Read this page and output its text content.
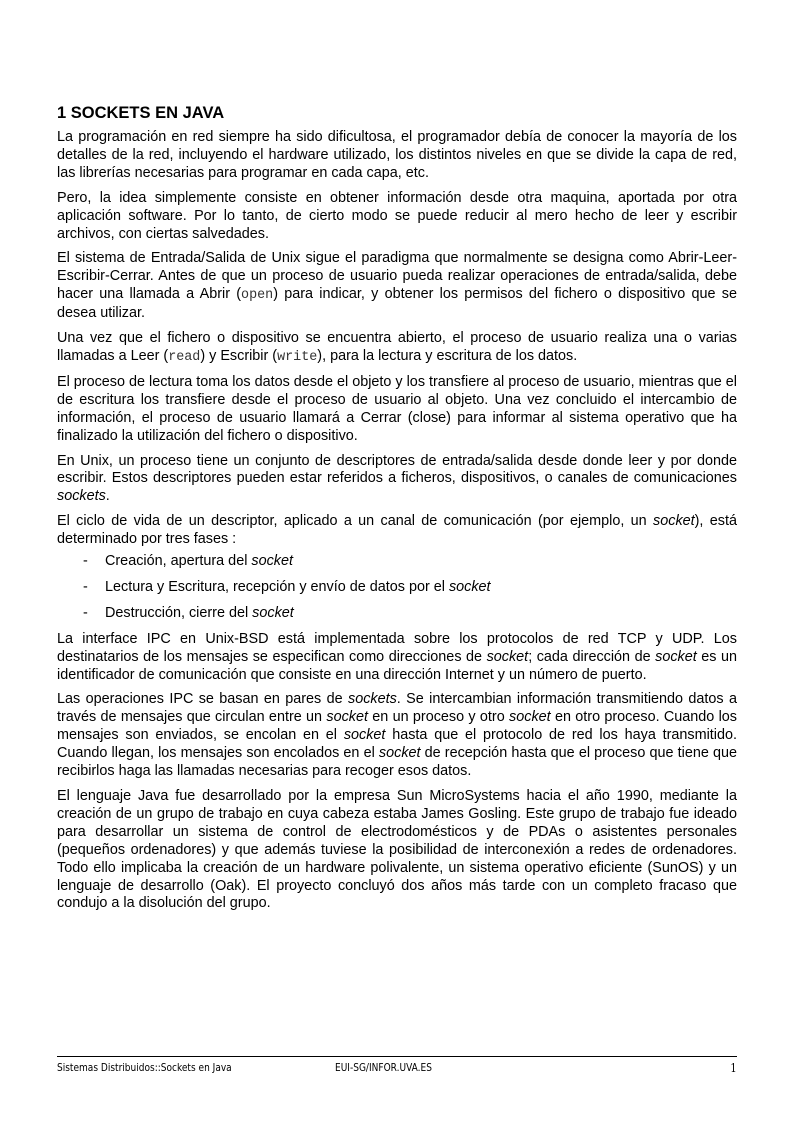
1 SOCKETS EN JAVA

La programación en red siempre ha sido dificultosa, el programador debía de conocer la mayoría de los detalles de la red, incluyendo el hardware utilizado, los distintos niveles en que se divide la capa de red, las librerías necesarias para programar en cada capa, etc.

Pero, la idea simplemente consiste en obtener información desde otra maquina, aportada por otra aplicación software. Por lo tanto, de cierto modo se puede reducir al mero hecho de leer y escribir archivos, con ciertas salvedades.

El sistema de Entrada/Salida de Unix sigue el paradigma que normalmente se designa como Abrir-Leer-Escribir-Cerrar. Antes de que un proceso de usuario pueda realizar operaciones de entrada/salida, debe hacer una llamada a Abrir (open) para indicar, y obtener los permisos del fichero o dispositivo que se desea utilizar.

Una vez que el fichero o dispositivo se encuentra abierto, el proceso de usuario realiza una o varias llamadas a Leer (read) y Escribir (write), para la lectura y escritura de los datos.

El proceso de lectura toma los datos desde el objeto y los transfiere al proceso de usuario, mientras que el de escritura los transfiere desde el proceso de usuario al objeto. Una vez concluido el intercambio de información, el proceso de usuario llamará a Cerrar (close) para informar al sistema operativo que ha finalizado la utilización del fichero o dispositivo.

En Unix, un proceso tiene un conjunto de descriptores de entrada/salida desde donde leer y por donde escribir. Estos descriptores pueden estar referidos a ficheros, dispositivos, o canales de comunicaciones sockets.

El ciclo de vida de un descriptor, aplicado a un canal de comunicación (por ejemplo, un socket), está determinado por tres fases :

- Creación, apertura del socket
- Lectura y Escritura, recepción y envío de datos por el socket
- Destrucción, cierre del socket

La interface IPC en Unix-BSD está implementada sobre los protocolos de red TCP y UDP. Los destinatarios de los mensajes se especifican como direcciones de socket; cada dirección de socket es un identificador de comunicación que consiste en una dirección Internet y un número de puerto.

Las operaciones IPC se basan en pares de sockets. Se intercambian información transmitiendo datos a través de mensajes que circulan entre un socket en un proceso y otro socket en otro proceso. Cuando los mensajes son enviados, se encolan en el socket hasta que el protocolo de red los haya transmitido. Cuando llegan, los mensajes son encolados en el socket de recepción hasta que el proceso que tiene que recibirlos haga las llamadas necesarias para recoger esos datos.

El lenguaje Java fue desarrollado por la empresa Sun MicroSystems hacia el año 1990, mediante la creación de un grupo de trabajo en cuya cabeza estaba James Gosling. Este grupo de trabajo fue ideado para desarrollar un sistema de control de electrodomésticos y de PDAs o asistentes personales (pequeños ordenadores) y que además tuviese la posibilidad de interconexión a redes de ordenadores. Todo ello implicaba la creación de un hardware polivalente, un sistema operativo eficiente (SunOS) y un lenguaje de desarrollo (Oak). El proyecto concluyó dos años más tarde con un completo fracaso que condujo a la disolución del grupo.

Sistemas Distribuidos::Sockets en Java	EUI-SG/INFOR.UVA.ES	1
